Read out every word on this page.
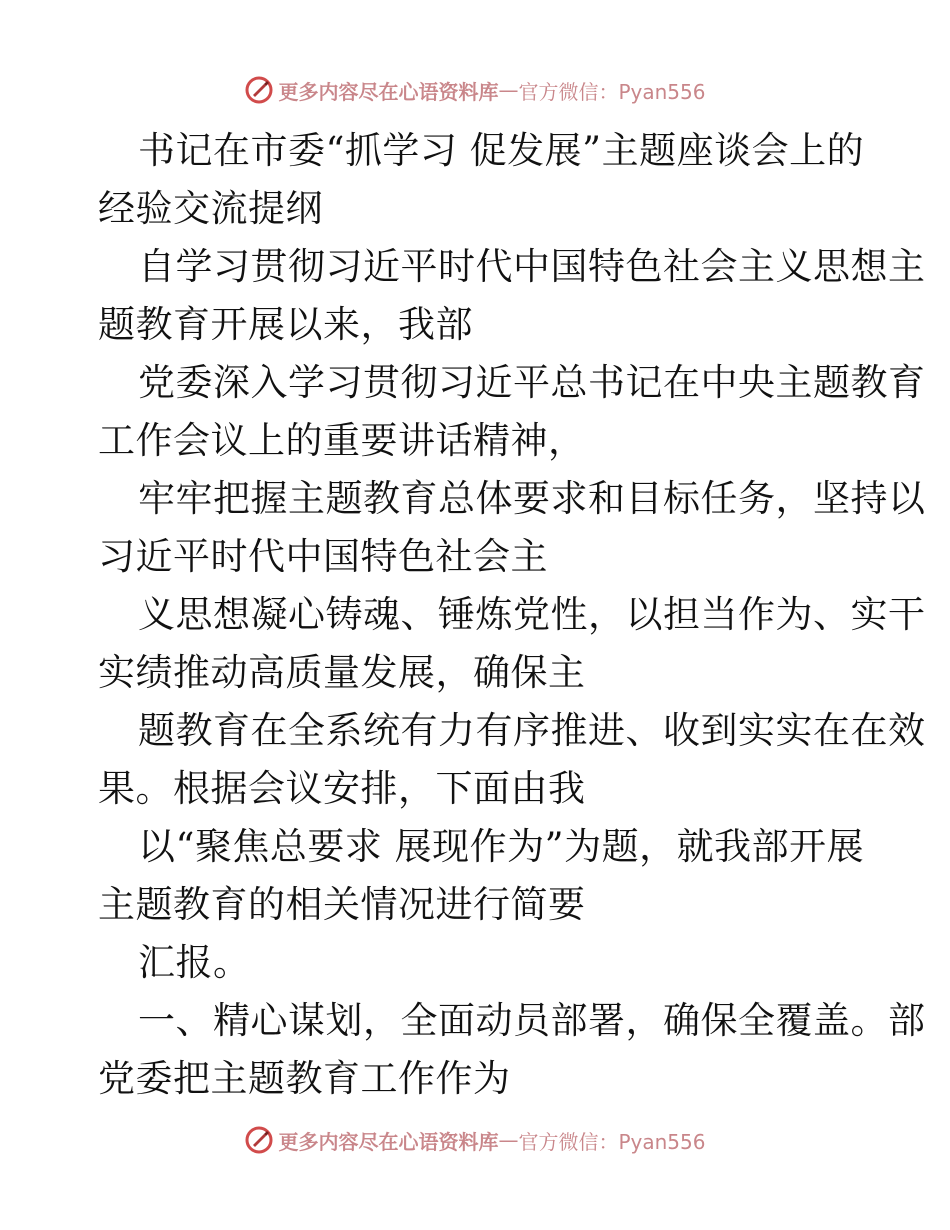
更多内容尽在心语资料库 — 官方微信：Pyan556
书记在市委“抓学习 促发展”主题座谈会上的
经验交流提纲
自学习贯彻习近平时代中国特色社会主义思想主
题教育开展以来，我部
党委深入学习贯彻习近平总书记在中央主题教育
工作会议上的重要讲话精神，
牢牢把握主题教育总体要求和目标任务，坚持以
习近平时代中国特色社会主
义思想凝心铸魂、锤炼党性，以担当作为、实干
实绩推动高质量发展，确保主
题教育在全系统有力有序推进、收到实实在在效
果。根据会议安排，下面由我
以“聚焦总要求 展现作为”为题，就我部开展
主题教育的相关情况进行简要
汇报。
一、精心谋划，全面动员部署，确保全覆盖。部
党委把主题教育工作作为
更多内容尽在心语资料库 — 官方微信：Pyan556
